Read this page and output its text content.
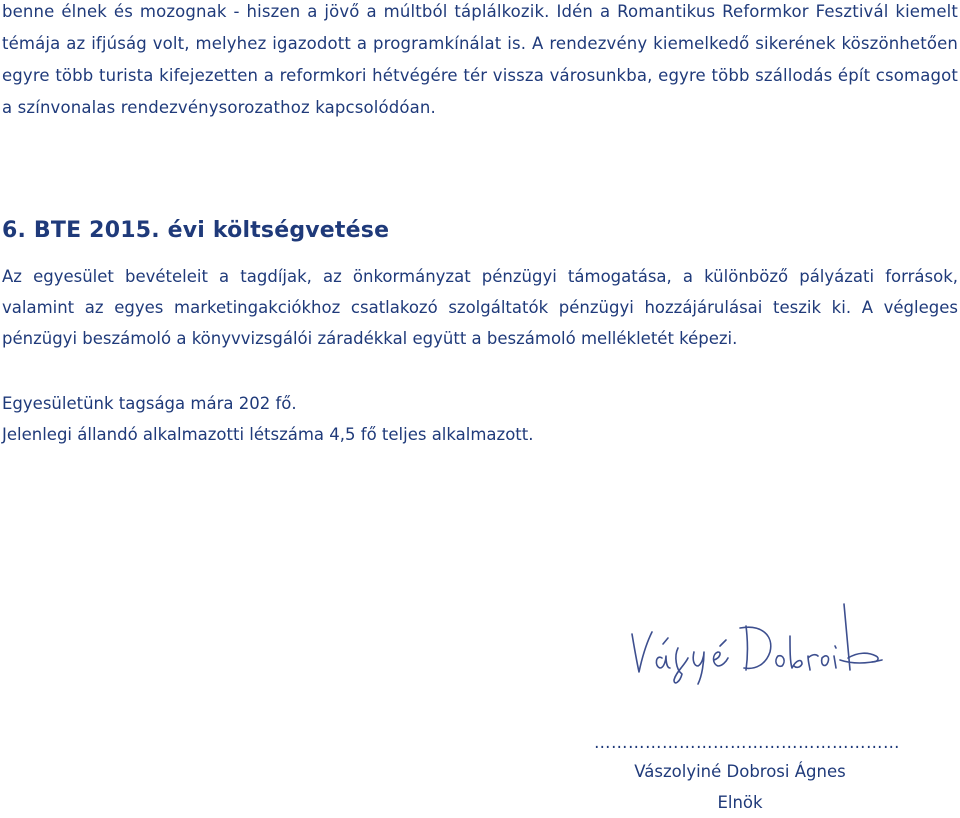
benne élnek és mozognak - hiszen a jövő a múltból táplálkozik. Idén a Romantikus Reformkor Fesztivál kiemelt témája az ifjúság volt, melyhez igazodott a programkínálat is. A rendezvény kiemelkedő sikerének köszönhetően egyre több turista kifejezetten a reformkori hétvégére tér vissza városunkba, egyre több szállodás épít csomagot a színvonalas rendezvénysorozathoz kapcsolódóan.
6. BTE 2015. évi költségvetése
Az egyesület bevételeit a tagdíjak, az önkormányzat pénzügyi támogatása, a különböző pályázati források, valamint az egyes marketingakciókhoz csatlakozó szolgáltatók pénzügyi hozzájárulásai teszik ki. A végleges pénzügyi beszámoló a könyvvizsgálói záradékkal együtt a beszámoló mellékletét képezi.
Egyesületünk tagsága mára 202 fő.
Jelenlegi állandó alkalmazotti létszáma 4,5 fő teljes alkalmazott.
………………………………………………
Vászolyiné Dobrosi Ágnes
Elnök
